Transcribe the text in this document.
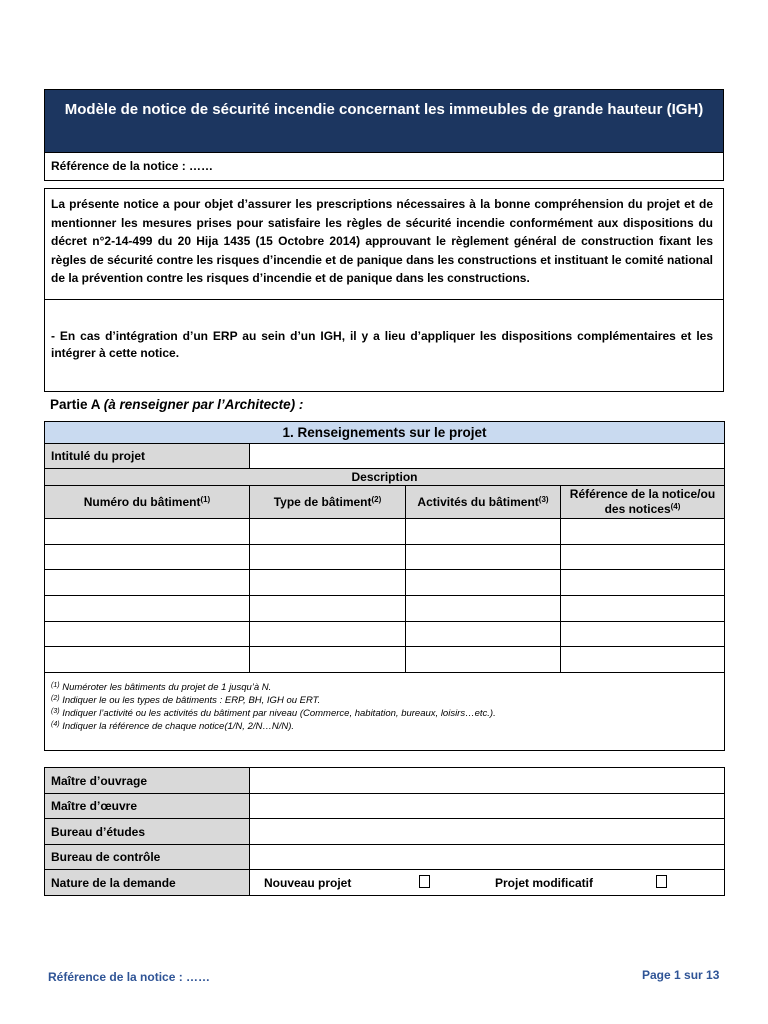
Modèle de notice de sécurité incendie concernant les immeubles de grande hauteur (IGH)
Référence de la notice : ……
La présente notice a pour objet d’assurer les prescriptions nécessaires à la bonne compréhension du projet et de mentionner les mesures prises pour satisfaire les règles de sécurité incendie conformément aux dispositions du décret n°2-14-499 du 20 Hija 1435 (15 Octobre 2014) approuvant le règlement général de construction fixant les règles de sécurité contre les risques d’incendie et de panique dans les constructions et instituant le comité national de la prévention contre les risques d’incendie et de panique dans les constructions.
- En cas d’intégration d’un ERP au sein d’un IGH, il y a lieu d’appliquer les dispositions complémentaires et les intégrer à cette notice.
Partie A (à renseigner par l’Architecte) :
1. Renseignements sur le projet			
Intitulé du projet			
Description			
Numéro du bâtiment$^{(1)}$	Type de bâtiment$^{(2)}$	Activités du bâtiment$^{(3)}$	Référence de la notice/ou des notices$^{(4)}$

$^{(1)}$ Numéroter les bâtiments du projet de 1 jusqu’à N.
$^{(2)}$ Indiquer le ou les types de bâtiments : ERP, BH, IGH ou ERT.
$^{(3)}$ Indiquer l’activité ou les activités du bâtiment par niveau (Commerce, habitation, bureaux, loisirs…etc.).
$^{(4)}$ Indiquer la référence de chaque notice(1/N, 2/N…N/N).			
Maître d’ouvrage	
Maître d’œuvre	
Bureau d’études	
Bureau de contrôle	
Nature de la demande	Nouveau projet Projet modificatif
Référence de la notice : ……	Page 1 sur 13
